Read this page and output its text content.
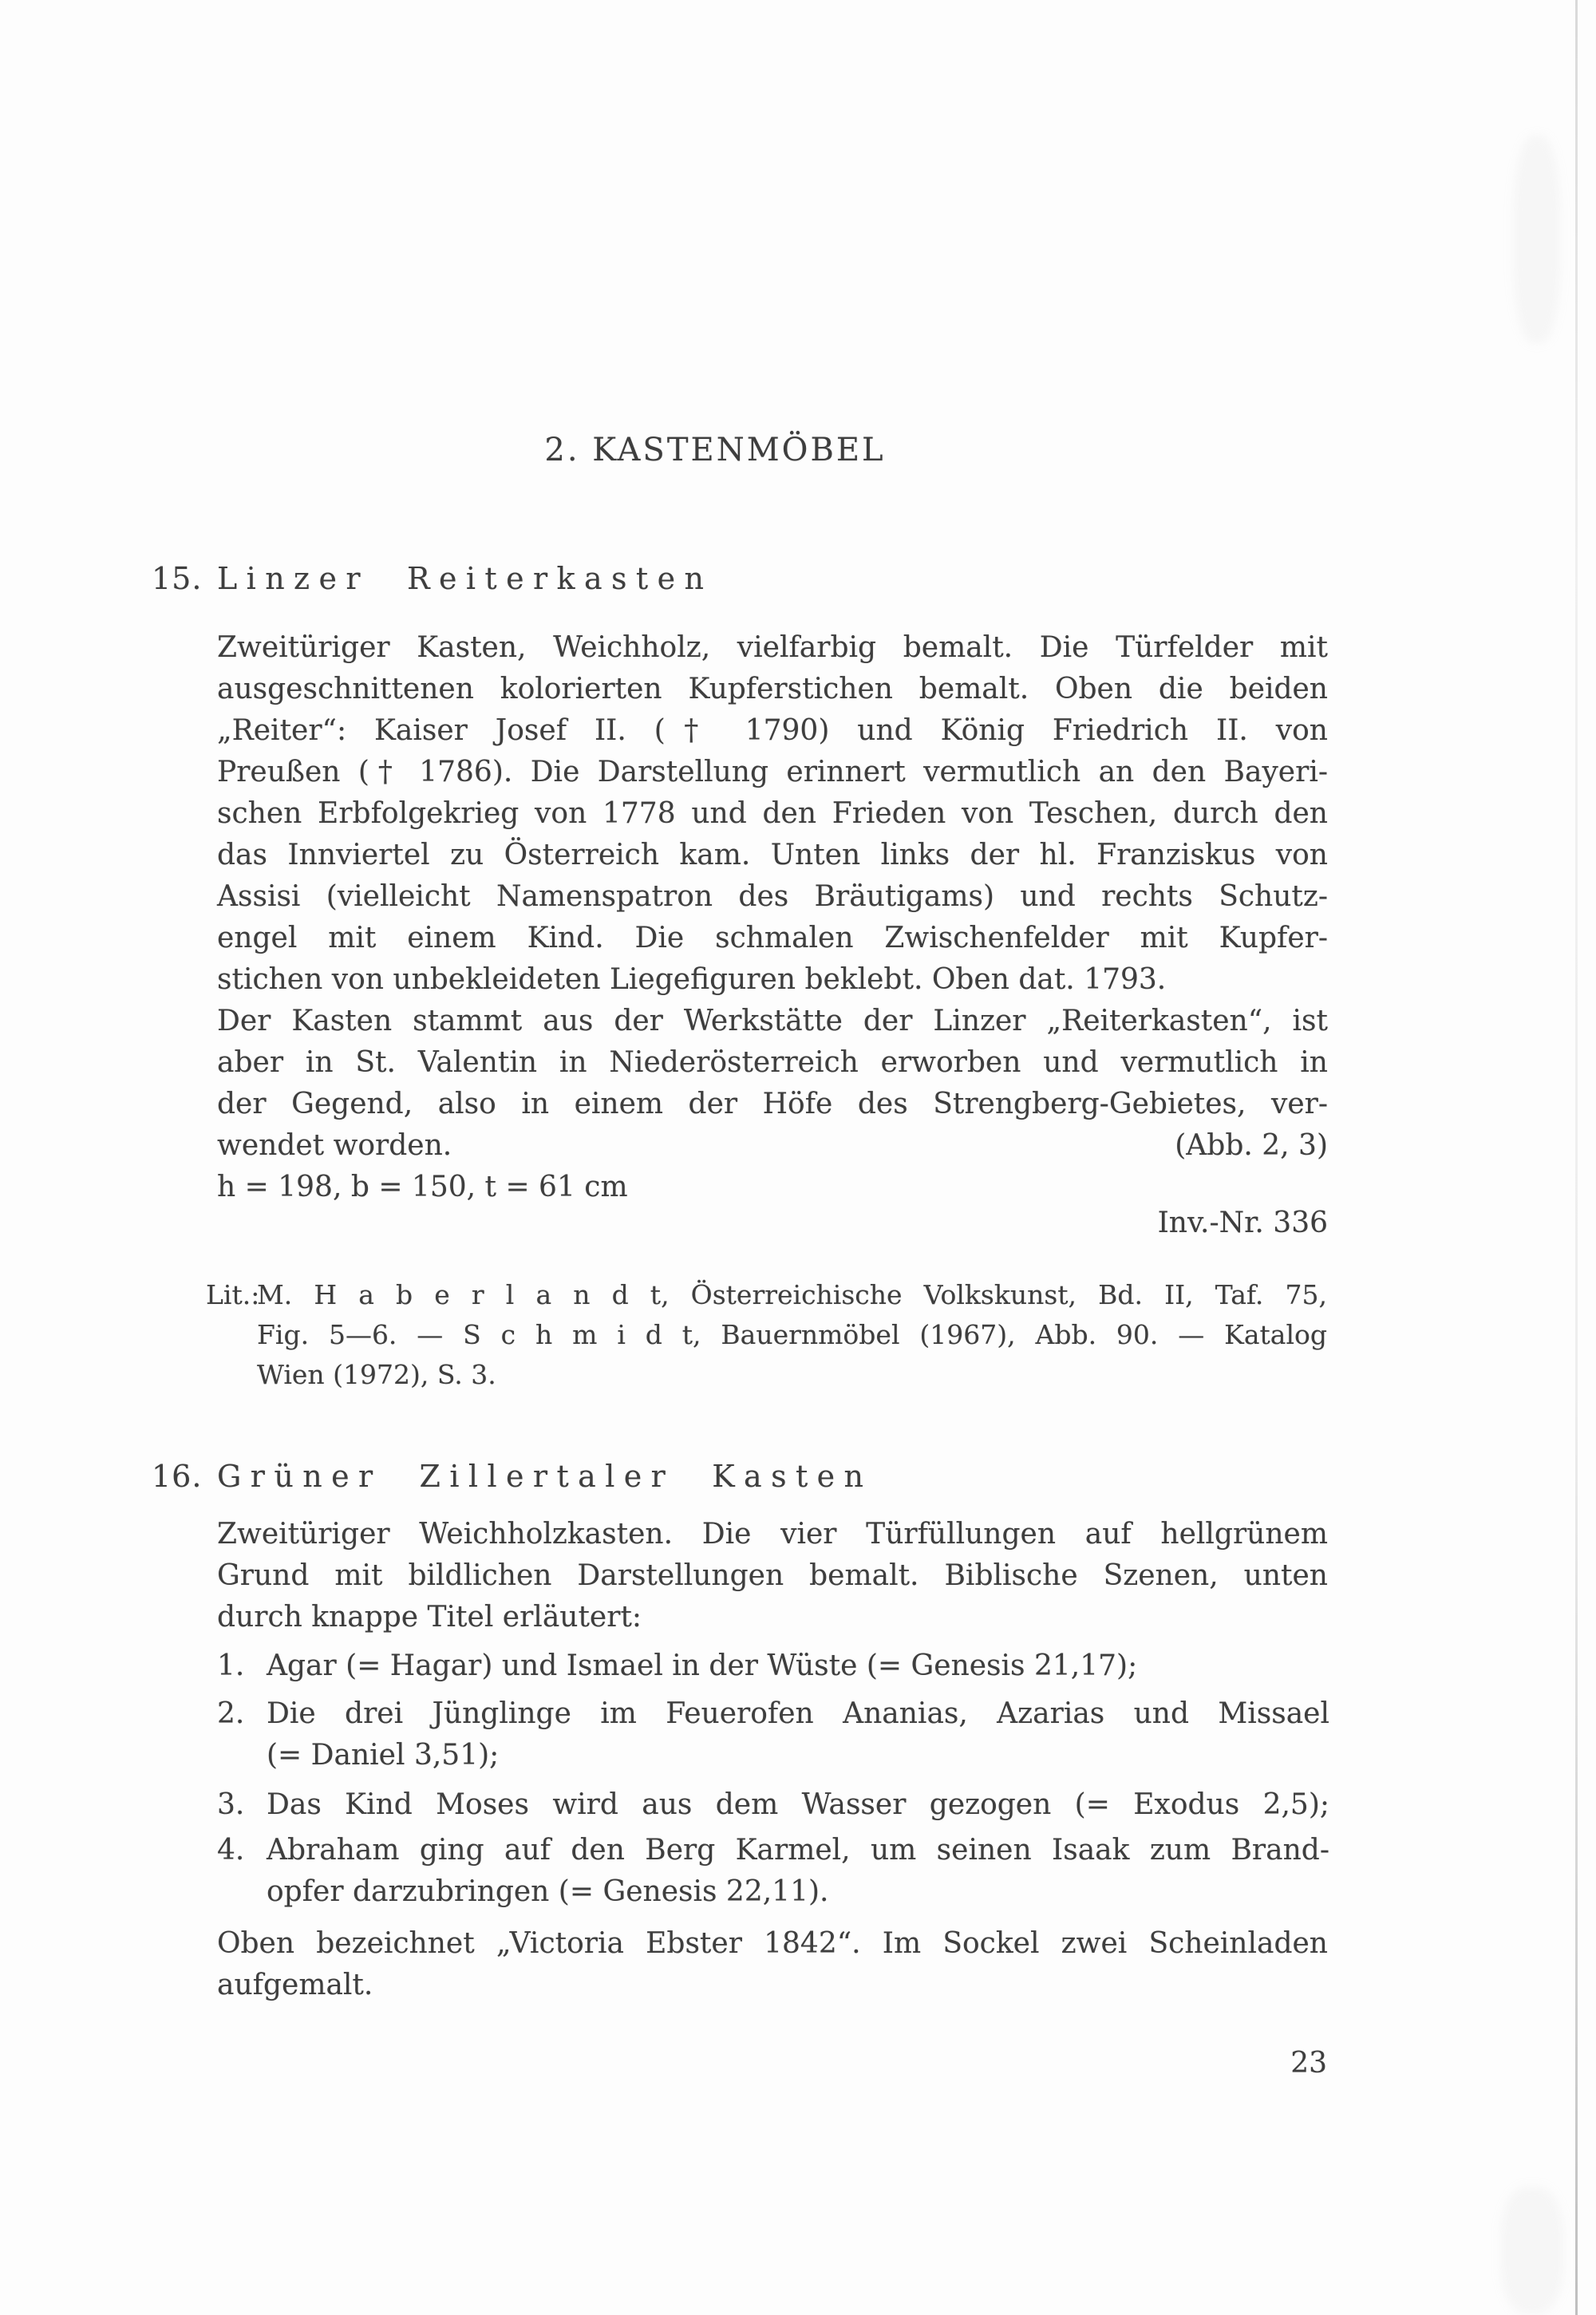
2. KASTENMÖBEL
15. Linzer Reiterkasten
Zweitüriger Kasten, Weichholz, vielfarbig bemalt. Die Türfelder mit
ausgeschnittenen kolorierten Kupferstichen bemalt. Oben die beiden
„Reiter“: Kaiser Josef II. († 1790) und König Friedrich II. von
Preußen († 1786). Die Darstellung erinnert vermutlich an den Bayeri-
schen Erbfolgekrieg von 1778 und den Frieden von Teschen, durch den
das Innviertel zu Österreich kam. Unten links der hl. Franziskus von
Assisi (vielleicht Namenspatron des Bräutigams) und rechts Schutz-
engel mit einem Kind. Die schmalen Zwischenfelder mit Kupfer-
stichen von unbekleideten Liegefiguren beklebt. Oben dat. 1793.
Der Kasten stammt aus der Werkstätte der Linzer „Reiterkasten“, ist
aber in St. Valentin in Niederösterreich erworben und vermutlich in
der Gegend, also in einem der Höfe des Strengberg-Gebietes, ver-
wendet worden.	(Abb. 2, 3)
h = 198, b = 150, t = 61 cm
Inv.-Nr. 336
Lit.:
M. H a b e r l a n d t, Österreichische Volkskunst, Bd. II, Taf. 75,
Fig. 5—6. — S c h m i d t, Bauernmöbel (1967), Abb. 90. — Katalog
Wien (1972), S. 3.
16. Grüner Zillertaler Kasten
Zweitüriger Weichholzkasten. Die vier Türfüllungen auf hellgrünem
Grund mit bildlichen Darstellungen bemalt. Biblische Szenen, unten
durch knappe Titel erläutert:
1. Agar (= Hagar) und Ismael in der Wüste (= Genesis 21,17);
2. Die drei Jünglinge im Feuerofen Ananias, Azarias und Missael
(= Daniel 3,51);
3. Das Kind Moses wird aus dem Wasser gezogen (= Exodus 2,5);
4. Abraham ging auf den Berg Karmel, um seinen Isaak zum Brand-
opfer darzubringen (= Genesis 22,11).
Oben bezeichnet „Victoria Ebster 1842“. Im Sockel zwei Scheinladen
aufgemalt.
23
